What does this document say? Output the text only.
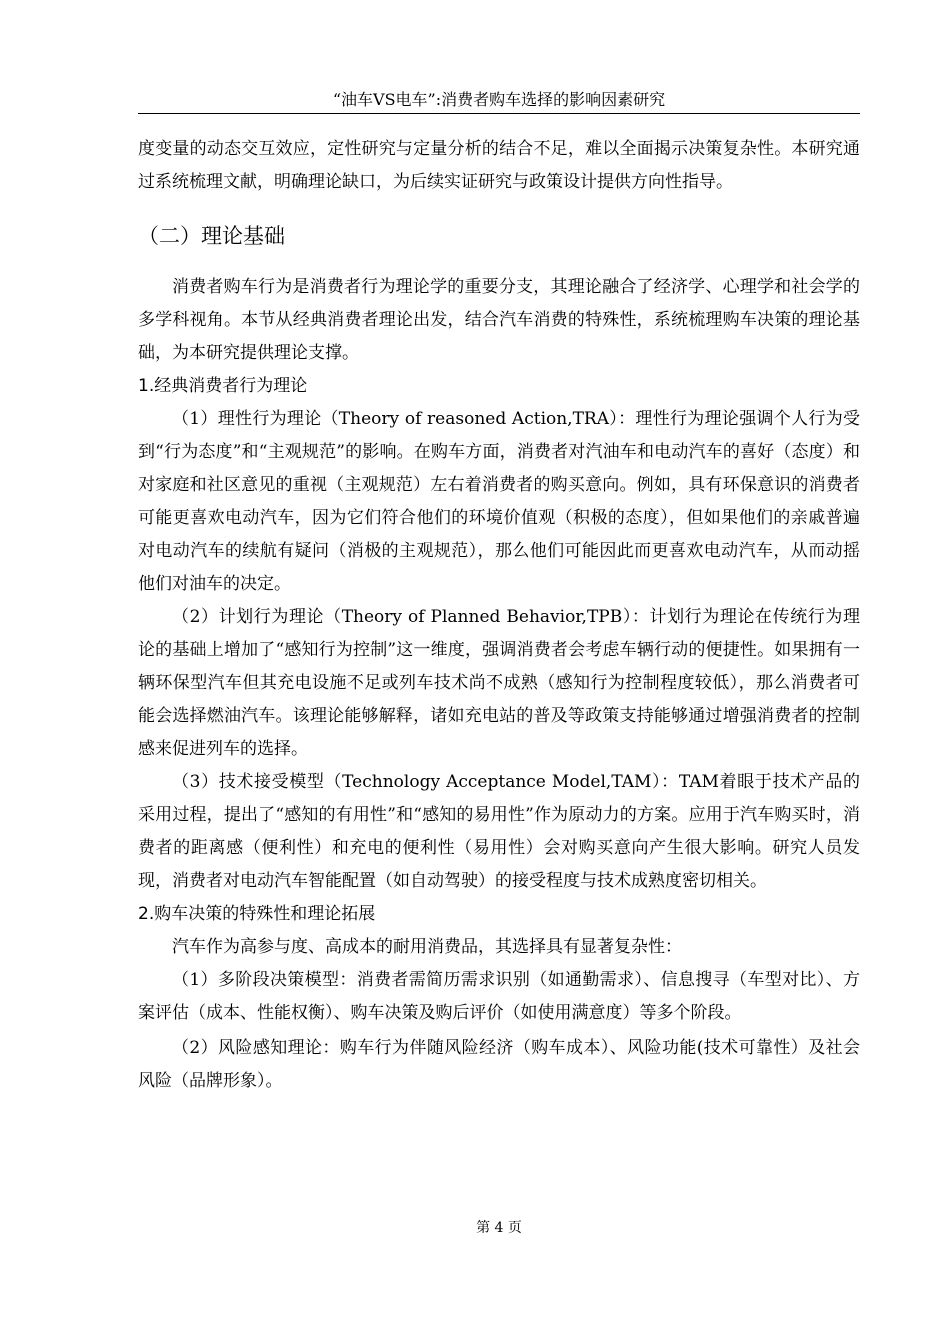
“油车VS电车”:消费者购车选择的影响因素研究

度变量的动态交互效应，定性研究与定量分析的结合不足，难以全面揭示决策复杂性。本研究通过系统梳理文献，明确理论缺口，为后续实证研究与政策设计提供方向性指导。

（二）理论基础

消费者购车行为是消费者行为理论学的重要分支，其理论融合了经济学、心理学和社会学的多学科视角。本节从经典消费者理论出发，结合汽车消费的特殊性，系统梳理购车决策的理论基础，为本研究提供理论支撑。

1.经典消费者行为理论

（1）理性行为理论（Theory of reasoned Action,TRA）：理性行为理论强调个人行为受到“行为态度”和“主观规范”的影响。在购车方面，消费者对汽油车和电动汽车的喜好（态度）和对家庭和社区意见的重视（主观规范）左右着消费者的购买意向。例如，具有环保意识的消费者可能更喜欢电动汽车，因为它们符合他们的环境价值观（积极的态度），但如果他们的亲戚普遍对电动汽车的续航有疑问（消极的主观规范），那么他们可能因此而更喜欢电动汽车，从而动摇他们对油车的决定。

（2）计划行为理论（Theory of Planned Behavior,TPB）：计划行为理论在传统行为理论的基础上增加了“感知行为控制”这一维度，强调消费者会考虑车辆行动的便捷性。如果拥有一辆环保型汽车但其充电设施不足或列车技术尚不成熟（感知行为控制程度较低），那么消费者可能会选择燃油汽车。该理论能够解释，诸如充电站的普及等政策支持能够通过增强消费者的控制感来促进列车的选择。

（3）技术接受模型（Technology Acceptance Model,TAM）：TAM着眼于技术产品的采用过程，提出了“感知的有用性”和“感知的易用性”作为原动力的方案。应用于汽车购买时，消费者的距离感（便利性）和充电的便利性（易用性）会对购买意向产生很大影响。研究人员发现，消费者对电动汽车智能配置（如自动驾驶）的接受程度与技术成熟度密切相关。

2.购车决策的特殊性和理论拓展

汽车作为高参与度、高成本的耐用消费品，其选择具有显著复杂性：

（1）多阶段决策模型：消费者需简历需求识别（如通勤需求）、信息搜寻（车型对比）、方案评估（成本、性能权衡）、购车决策及购后评价（如使用满意度）等多个阶段。

（2）风险感知理论：购车行为伴随风险经济（购车成本）、风险功能(技术可靠性）及社会风险（品牌形象）。

第 4 页
